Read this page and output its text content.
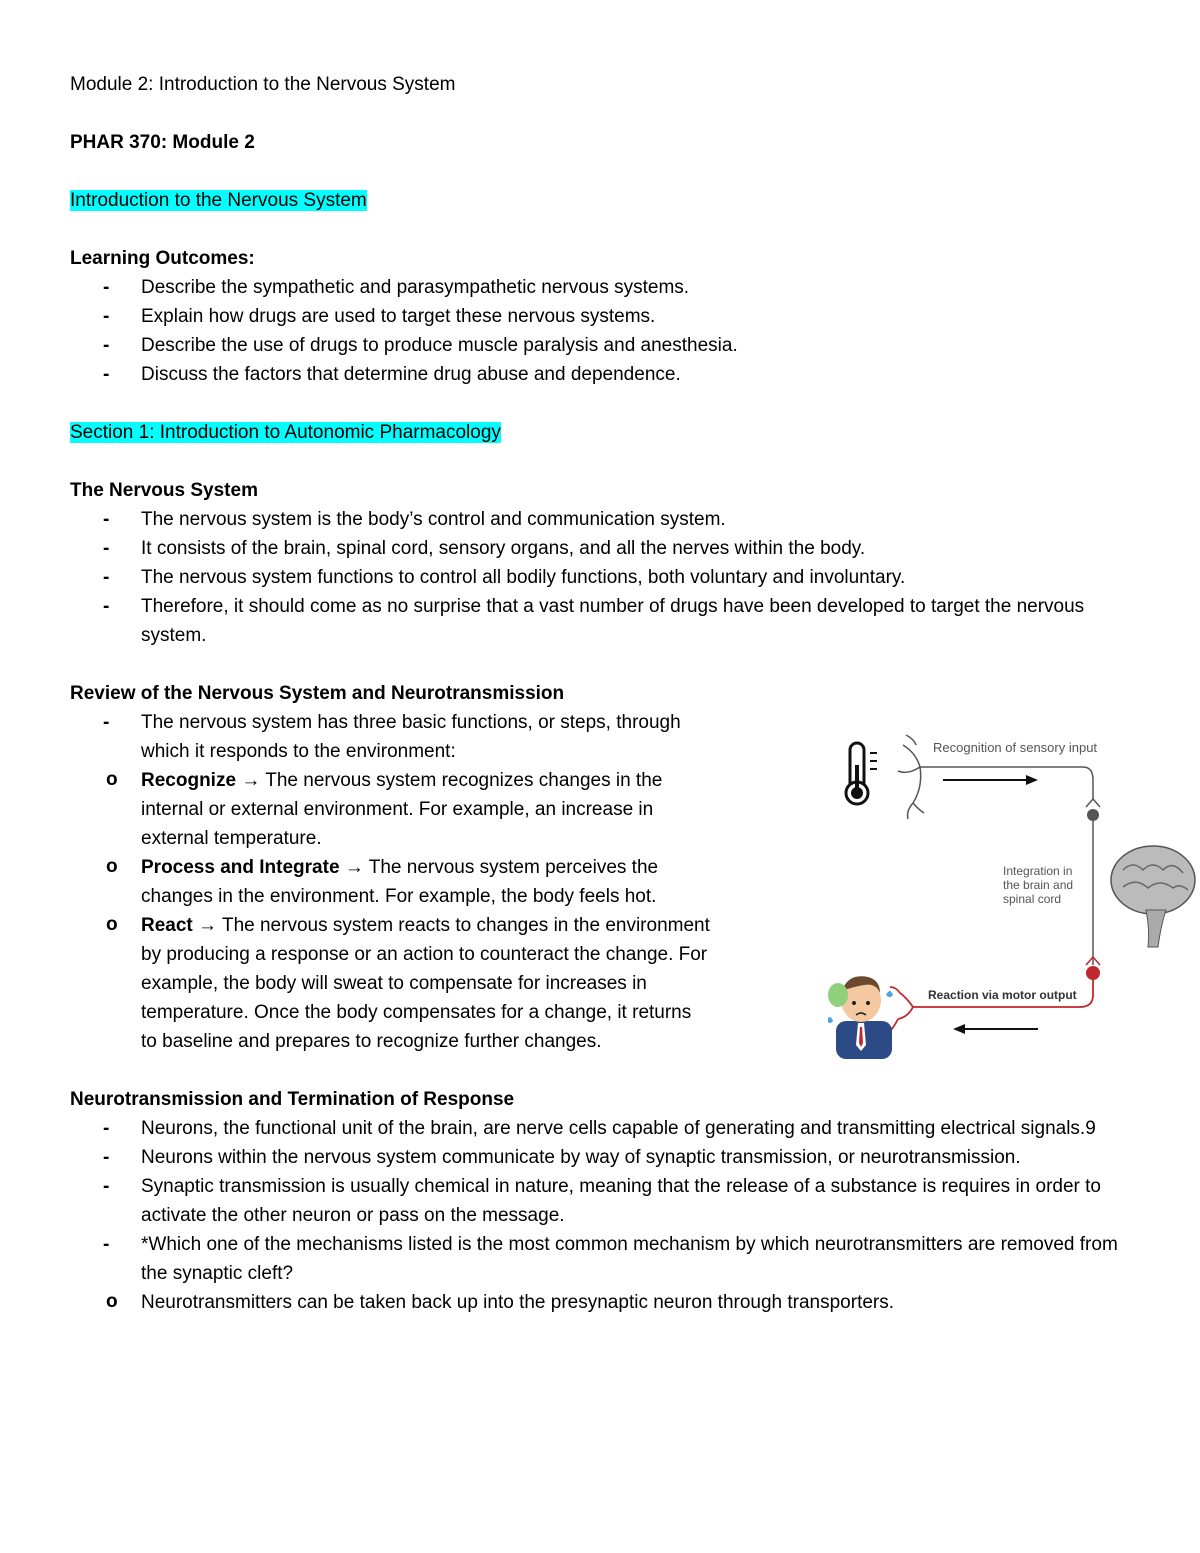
Module 2: Introduction to the Nervous System

PHAR 370: Module 2

Introduction to the Nervous System

Learning Outcomes:

- Describe the sympathetic and parasympathetic nervous systems.
- Explain how drugs are used to target these nervous systems.
- Describe the use of drugs to produce muscle paralysis and anesthesia.
- Discuss the factors that determine drug abuse and dependence.

Section 1: Introduction to Autonomic Pharmacology

The Nervous System

- The nervous system is the body’s control and communication system.
- It consists of the brain, spinal cord, sensory organs, and all the nerves within the body.
- The nervous system functions to control all bodily functions, both voluntary and involuntary.
- Therefore, it should come as no surprise that a vast number of drugs have been developed to target the nervous system.

Review of the Nervous System and Neurotransmission

- The nervous system has three basic functions, or steps, through which it responds to the environment:
o Recognize → The nervous system recognizes changes in the internal or external environment. For example, an increase in external temperature.
o Process and Integrate → The nervous system perceives the changes in the environment. For example, the body feels hot.
o React → The nervous system reacts to changes in the environment by producing a response or an action to counteract the change. For example, the body will sweat to compensate for increases in temperature. Once the body compensates for a change, it returns to baseline and prepares to recognize further changes.

Neurotransmission and Termination of Response

- Neurons, the functional unit of the brain, are nerve cells capable of generating and transmitting electrical signals.9
- Neurons within the nervous system communicate by way of synaptic transmission, or neurotransmission.
- Synaptic transmission is usually chemical in nature, meaning that the release of a substance is requires in order to activate the other neuron or pass on the message.
- *Which one of the mechanisms listed is the most common mechanism by which neurotransmitters are removed from the synaptic cleft?
o Neurotransmitters can be taken back up into the presynaptic neuron through transporters.
Recognition of sensory input
Integration in
the brain and
spinal cord
Reaction via motor output
